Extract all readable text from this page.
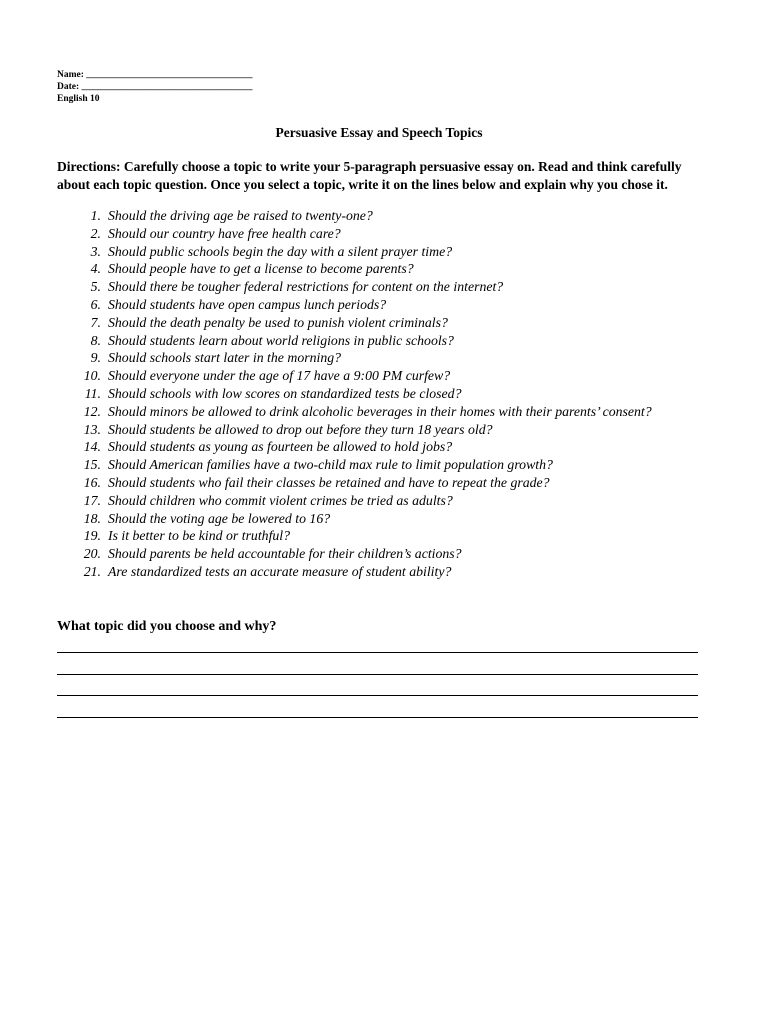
Name: ___________________________________
Date: ____________________________________
English 10
Persuasive Essay and Speech Topics
Directions: Carefully choose a topic to write your 5-paragraph persuasive essay on. Read and think carefully about each topic question. Once you select a topic, write it on the lines below and explain why you chose it.
1. Should the driving age be raised to twenty-one?
2. Should our country have free health care?
3. Should public schools begin the day with a silent prayer time?
4. Should people have to get a license to become parents?
5. Should there be tougher federal restrictions for content on the internet?
6. Should students have open campus lunch periods?
7. Should the death penalty be used to punish violent criminals?
8. Should students learn about world religions in public schools?
9. Should schools start later in the morning?
10. Should everyone under the age of 17 have a 9:00 PM curfew?
11. Should schools with low scores on standardized tests be closed?
12. Should minors be allowed to drink alcoholic beverages in their homes with their parents’ consent?
13. Should students be allowed to drop out before they turn 18 years old?
14. Should students as young as fourteen be allowed to hold jobs?
15. Should American families have a two-child max rule to limit population growth?
16. Should students who fail their classes be retained and have to repeat the grade?
17. Should children who commit violent crimes be tried as adults?
18. Should the voting age be lowered to 16?
19. Is it better to be kind or truthful?
20. Should parents be held accountable for their children’s actions?
21. Are standardized tests an accurate measure of student ability?
What topic did you choose and why?
